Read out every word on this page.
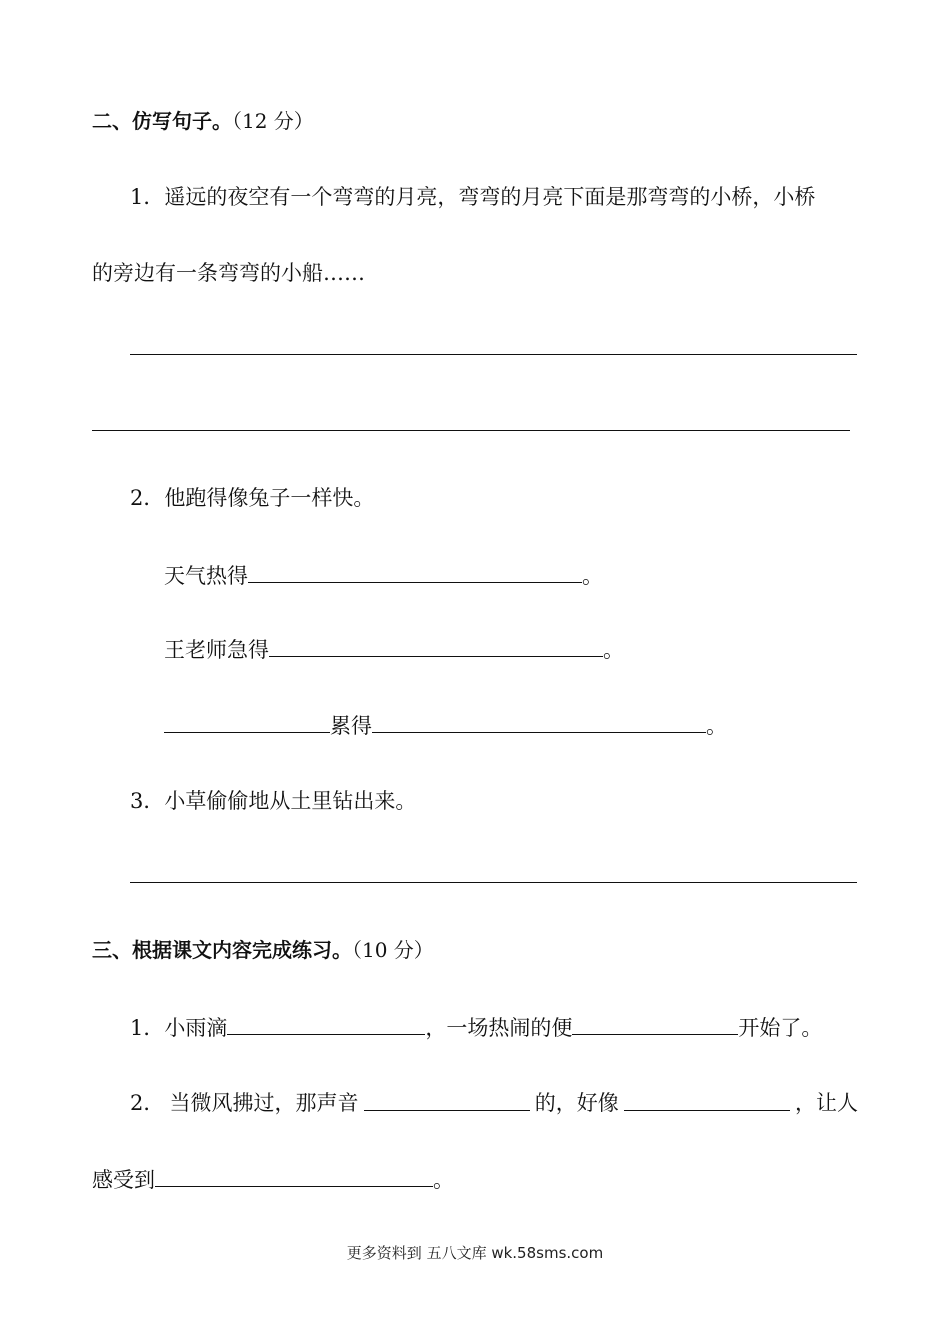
二、仿写句子。（12 分）
1．遥远的夜空有一个弯弯的月亮，弯弯的月亮下面是那弯弯的小桥，小桥
的旁边有一条弯弯的小船……
2．他跑得像兔子一样快。
天气热得	。
王老师急得	。
累得	。
3．小草偷偷地从土里钻出来。
三、根据课文内容完成练习。（10 分）
1．小雨滴	，一场热闹的便	开始了。
2． 当微风拂过，那声音	的，好像	，让人
感受到	。
更多资料到 五八文库 wk.58sms.com
